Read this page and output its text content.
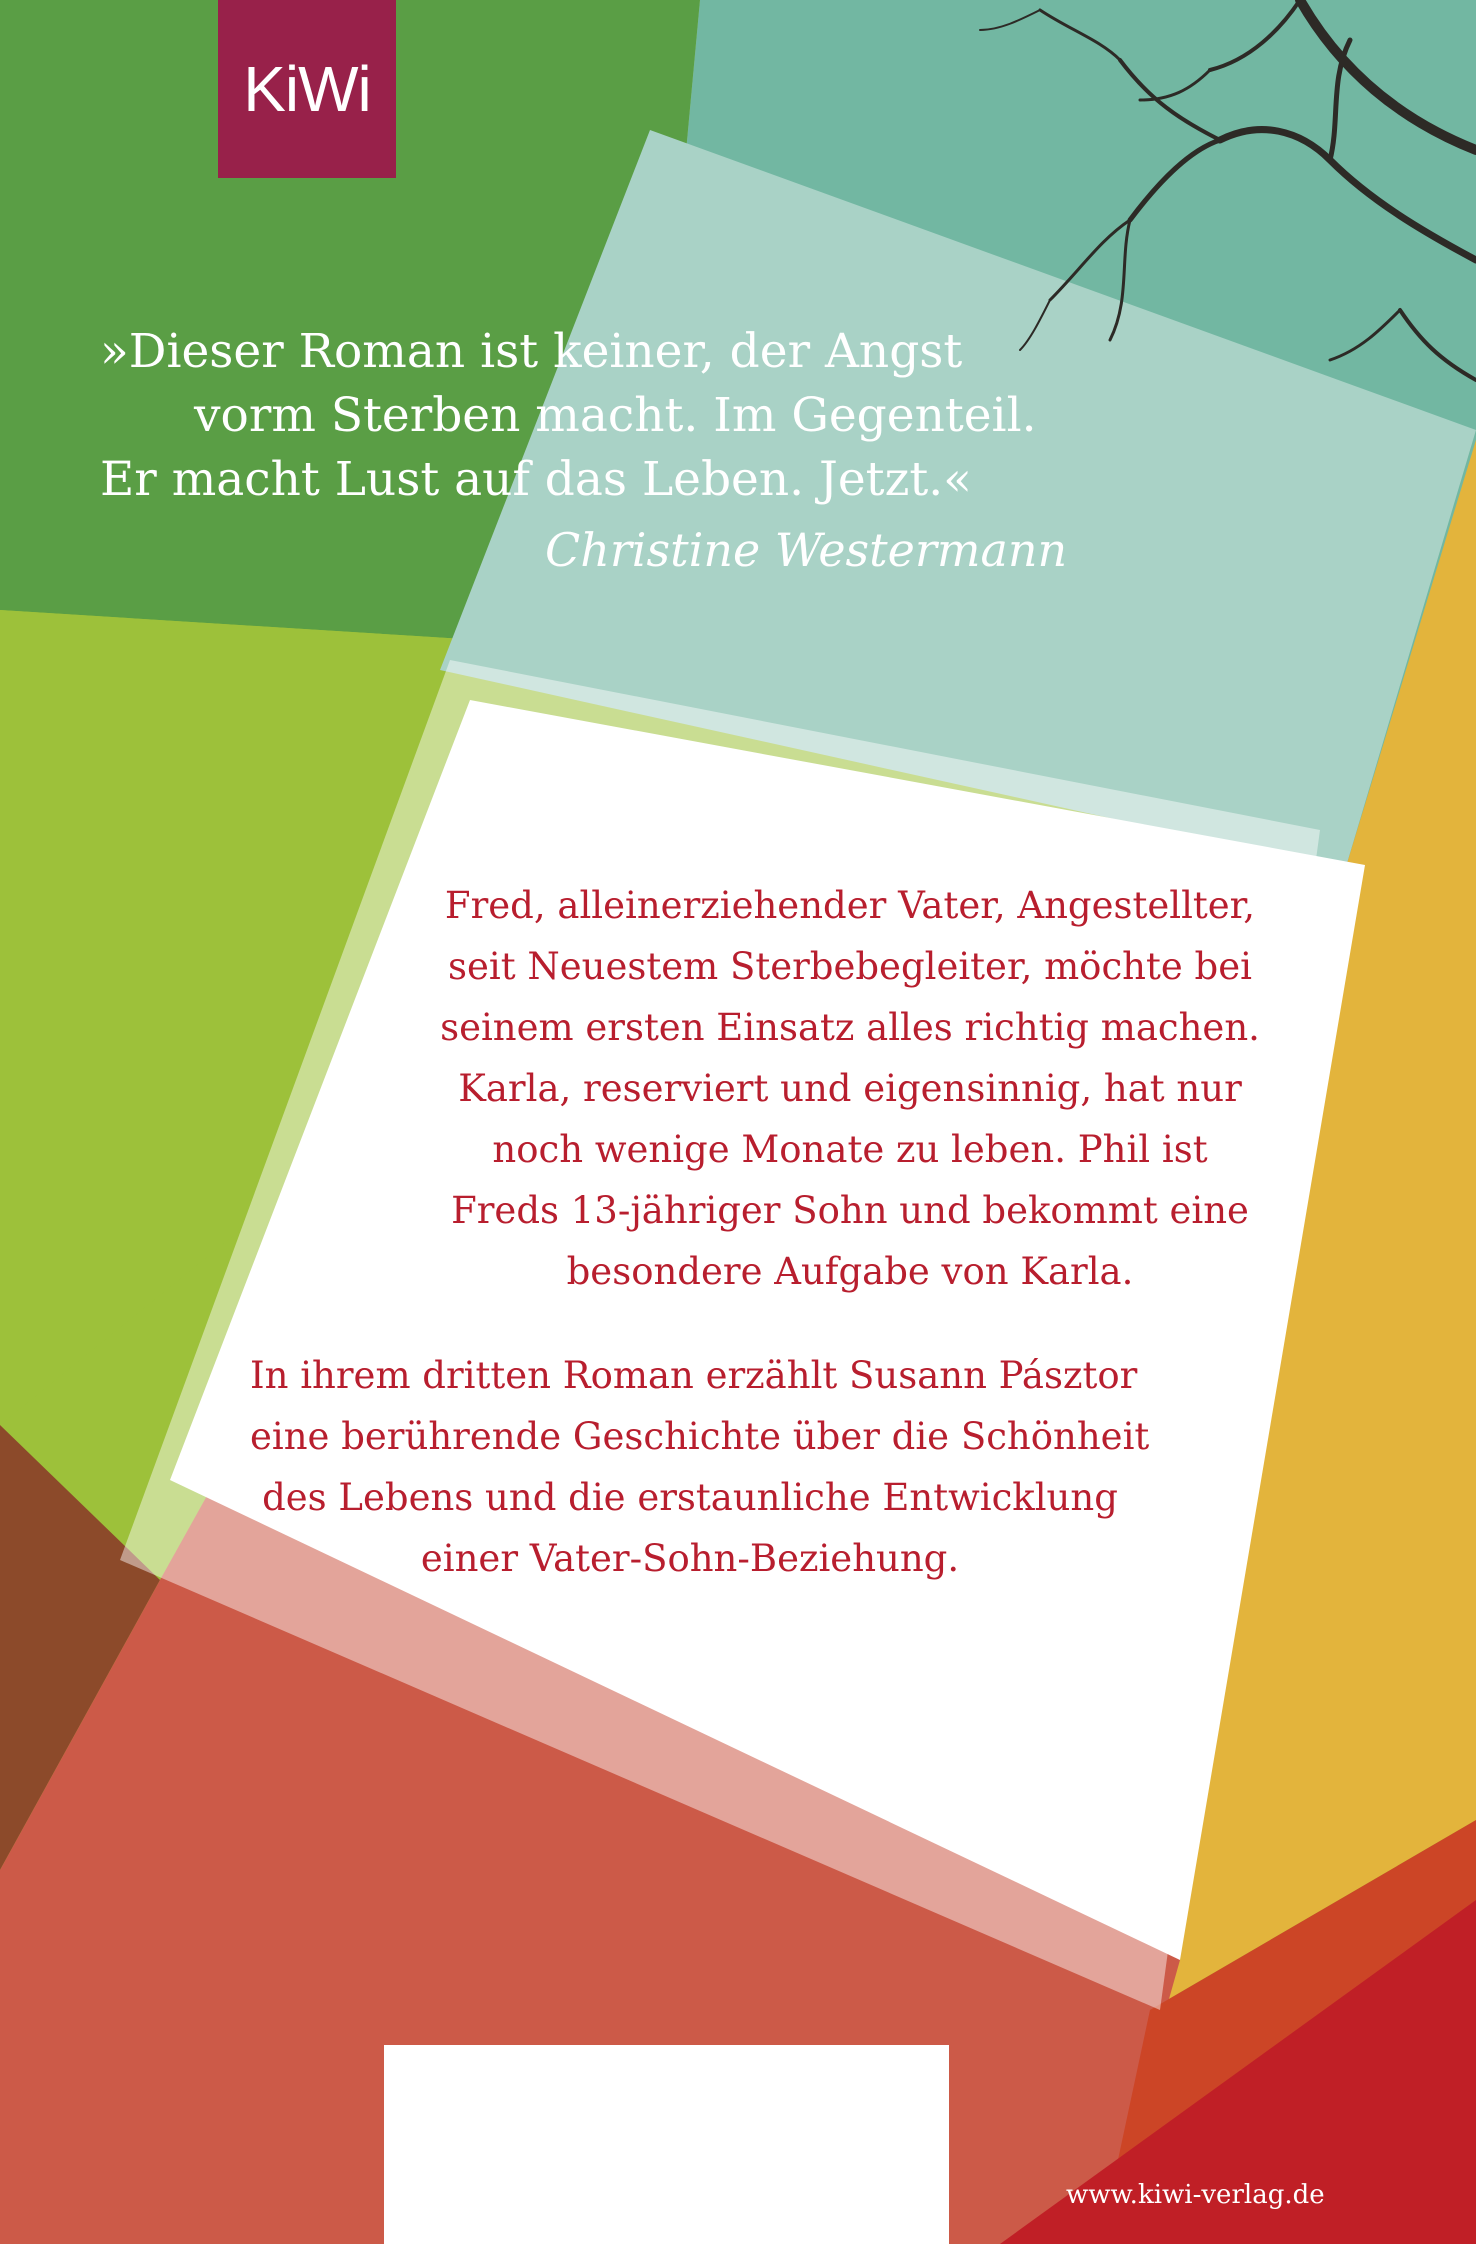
KiWi
»Dieser Roman ist keiner, der Angst
vorm Sterben macht. Im Gegenteil.
Er macht Lust auf das Leben. Jetzt.«
Christine Westermann
Fred, alleinerziehender Vater, Angestellter,
seit Neuestem Sterbebegleiter, möchte bei
seinem ersten Einsatz alles richtig machen.
Karla, reserviert und eigensinnig, hat nur
noch wenige Monate zu leben. Phil ist
Freds 13-jähriger Sohn und bekommt eine
besondere Aufgabe von Karla.
In ihrem dritten Roman erzählt Susann Pásztor
eine berührende Geschichte über die Schönheit
des Lebens und die erstaunliche Entwicklung
einer Vater-Sohn-Beziehung.
www.kiwi-verlag.de
